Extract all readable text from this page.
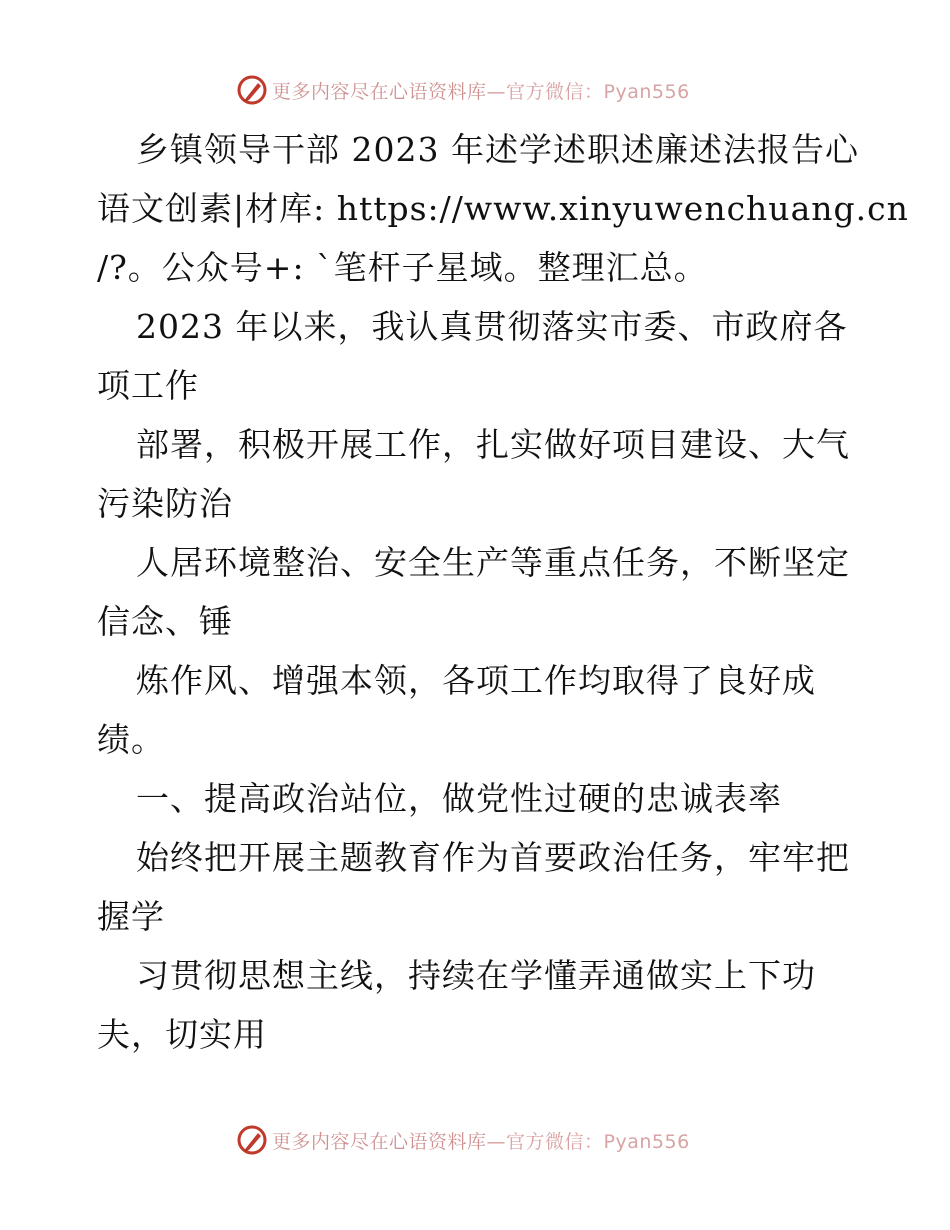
更多内容尽在心语资料库—官方微信：Pyan556
乡镇领导干部 2023 年述学述职述廉述法报告心
语文创素|材库: https://www.xinyuwenchuang.cn
/?。公众号+: `笔杆子星域。整理汇总。
2023 年以来，我认真贯彻落实市委、市政府各
项工作
部署，积极开展工作，扎实做好项目建设、大气
污染防治
人居环境整治、安全生产等重点任务，不断坚定
信念、锤
炼作风、增强本领，各项工作均取得了良好成
绩。
一、提高政治站位，做党性过硬的忠诚表率
始终把开展主题教育作为首要政治任务，牢牢把
握学
习贯彻思想主线，持续在学懂弄通做实上下功
夫，切实用
更多内容尽在心语资料库—官方微信：Pyan556
